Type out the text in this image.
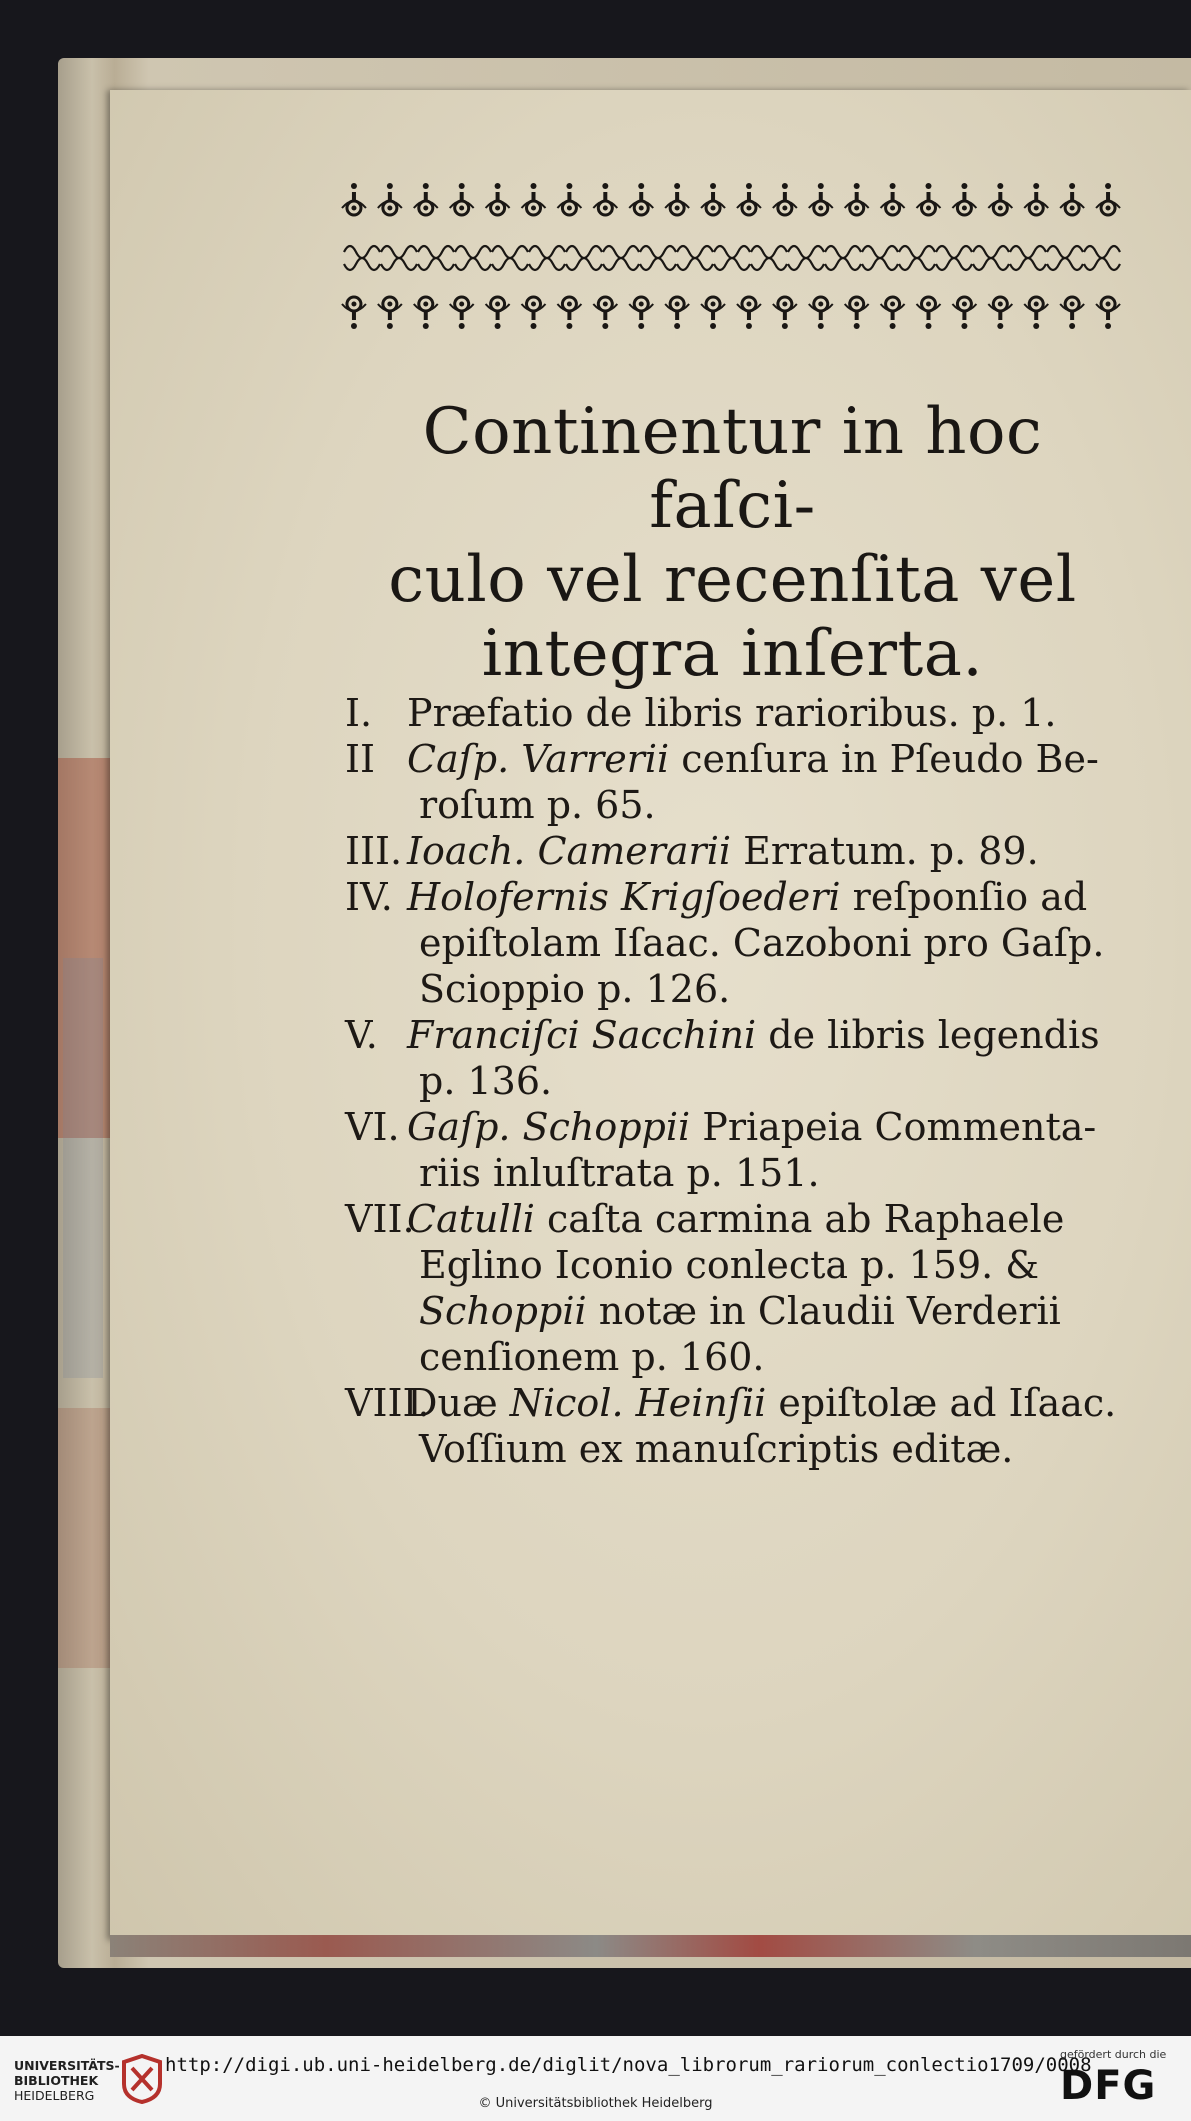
Continentur in hoc faſci-
culo vel recenſita vel
integra inſerta.
I. Præfatio de libris rarioribus. p. 1.
II Caſp. Varrerii cenſura in Pſeudo Be-
roſum p. 65.
III. Ioach. Camerarii Erratum. p. 89.
IV. Holofernis Krigſoederi reſponſio ad
epiſtolam Iſaac. Cazoboni pro Gaſp.
Scioppio p. 126.
V. Franciſci Sacchini de libris legendis
p. 136.
VI. Gaſp. Schoppii Priapeia Commenta-
riis inluſtrata p. 151.
VII.
Catulli caſta carmina ab Raphaele
Eglino Iconio conlecta p. 159. &
Schoppii notæ in Claudii Verderii
cenſionem p. 160.
VIII.
Duæ Nicol. Heinſii epiſtolæ ad Iſaac.
Voſſium ex manuſcriptis editæ.
UNIVERSITÄTS-
BIBLIOTHEK
HEIDELBERG
http://digi.ub.uni-heidelberg.de/diglit/nova_librorum_rariorum_conlectio1709/0008
© Universitätsbibliothek Heidelberg
gefördert durch die
DFG
